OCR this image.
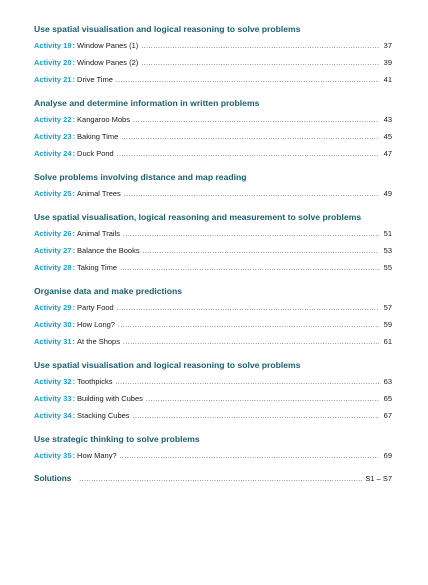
Use spatial visualisation and logical reasoning to solve problems
Activity 19 : Window Panes (1) .....	37
Activity 20 : Window Panes (2) .....	39
Activity 21 : Drive Time .....	41
Analyse and determine information in written problems
Activity 22 : Kangaroo Mobs .....	43
Activity 23 : Baking Time .....	45
Activity 24 : Duck Pond .....	47
Solve problems involving distance and map reading
Activity 25 : Animal Trees .....	49
Use spatial visualisation, logical reasoning and measurement to solve problems
Activity 26 : Animal Trails .....	51
Activity 27 : Balance the Books .....	53
Activity 28 : Taking Time .....	55
Organise data and make predictions
Activity 29 : Party Food .....	57
Activity 30 : How Long? .....	59
Activity 31 : At the Shops .....	61
Use spatial visualisation and logical reasoning to solve problems
Activity 32 : Toothpicks .....	63
Activity 33 : Building with Cubes .....	65
Activity 34 : Stacking Cubes .....	67
Use strategic thinking to solve problems
Activity 35 : How Many? .....	69
Solutions .....	S1 – S7
